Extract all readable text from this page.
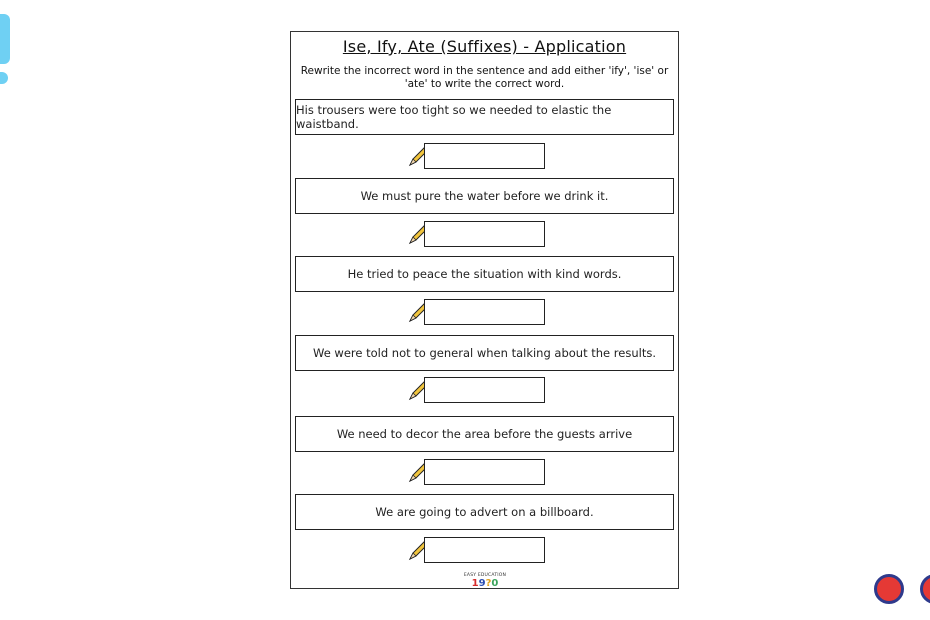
Ise, Ify, Ate (Suffixes) - Application
Rewrite the incorrect word in the sentence and add either 'ify', 'ise' or 'ate' to write the correct word.
His trousers were too tight so we needed to elastic the waistband.
We must pure the water before we drink it.
He tried to peace the situation with kind words.
We were told not to general when talking about the results.
We need to decor the area before the guests arrive
We are going to advert on a billboard.
EASY EDUCATION
19?0
